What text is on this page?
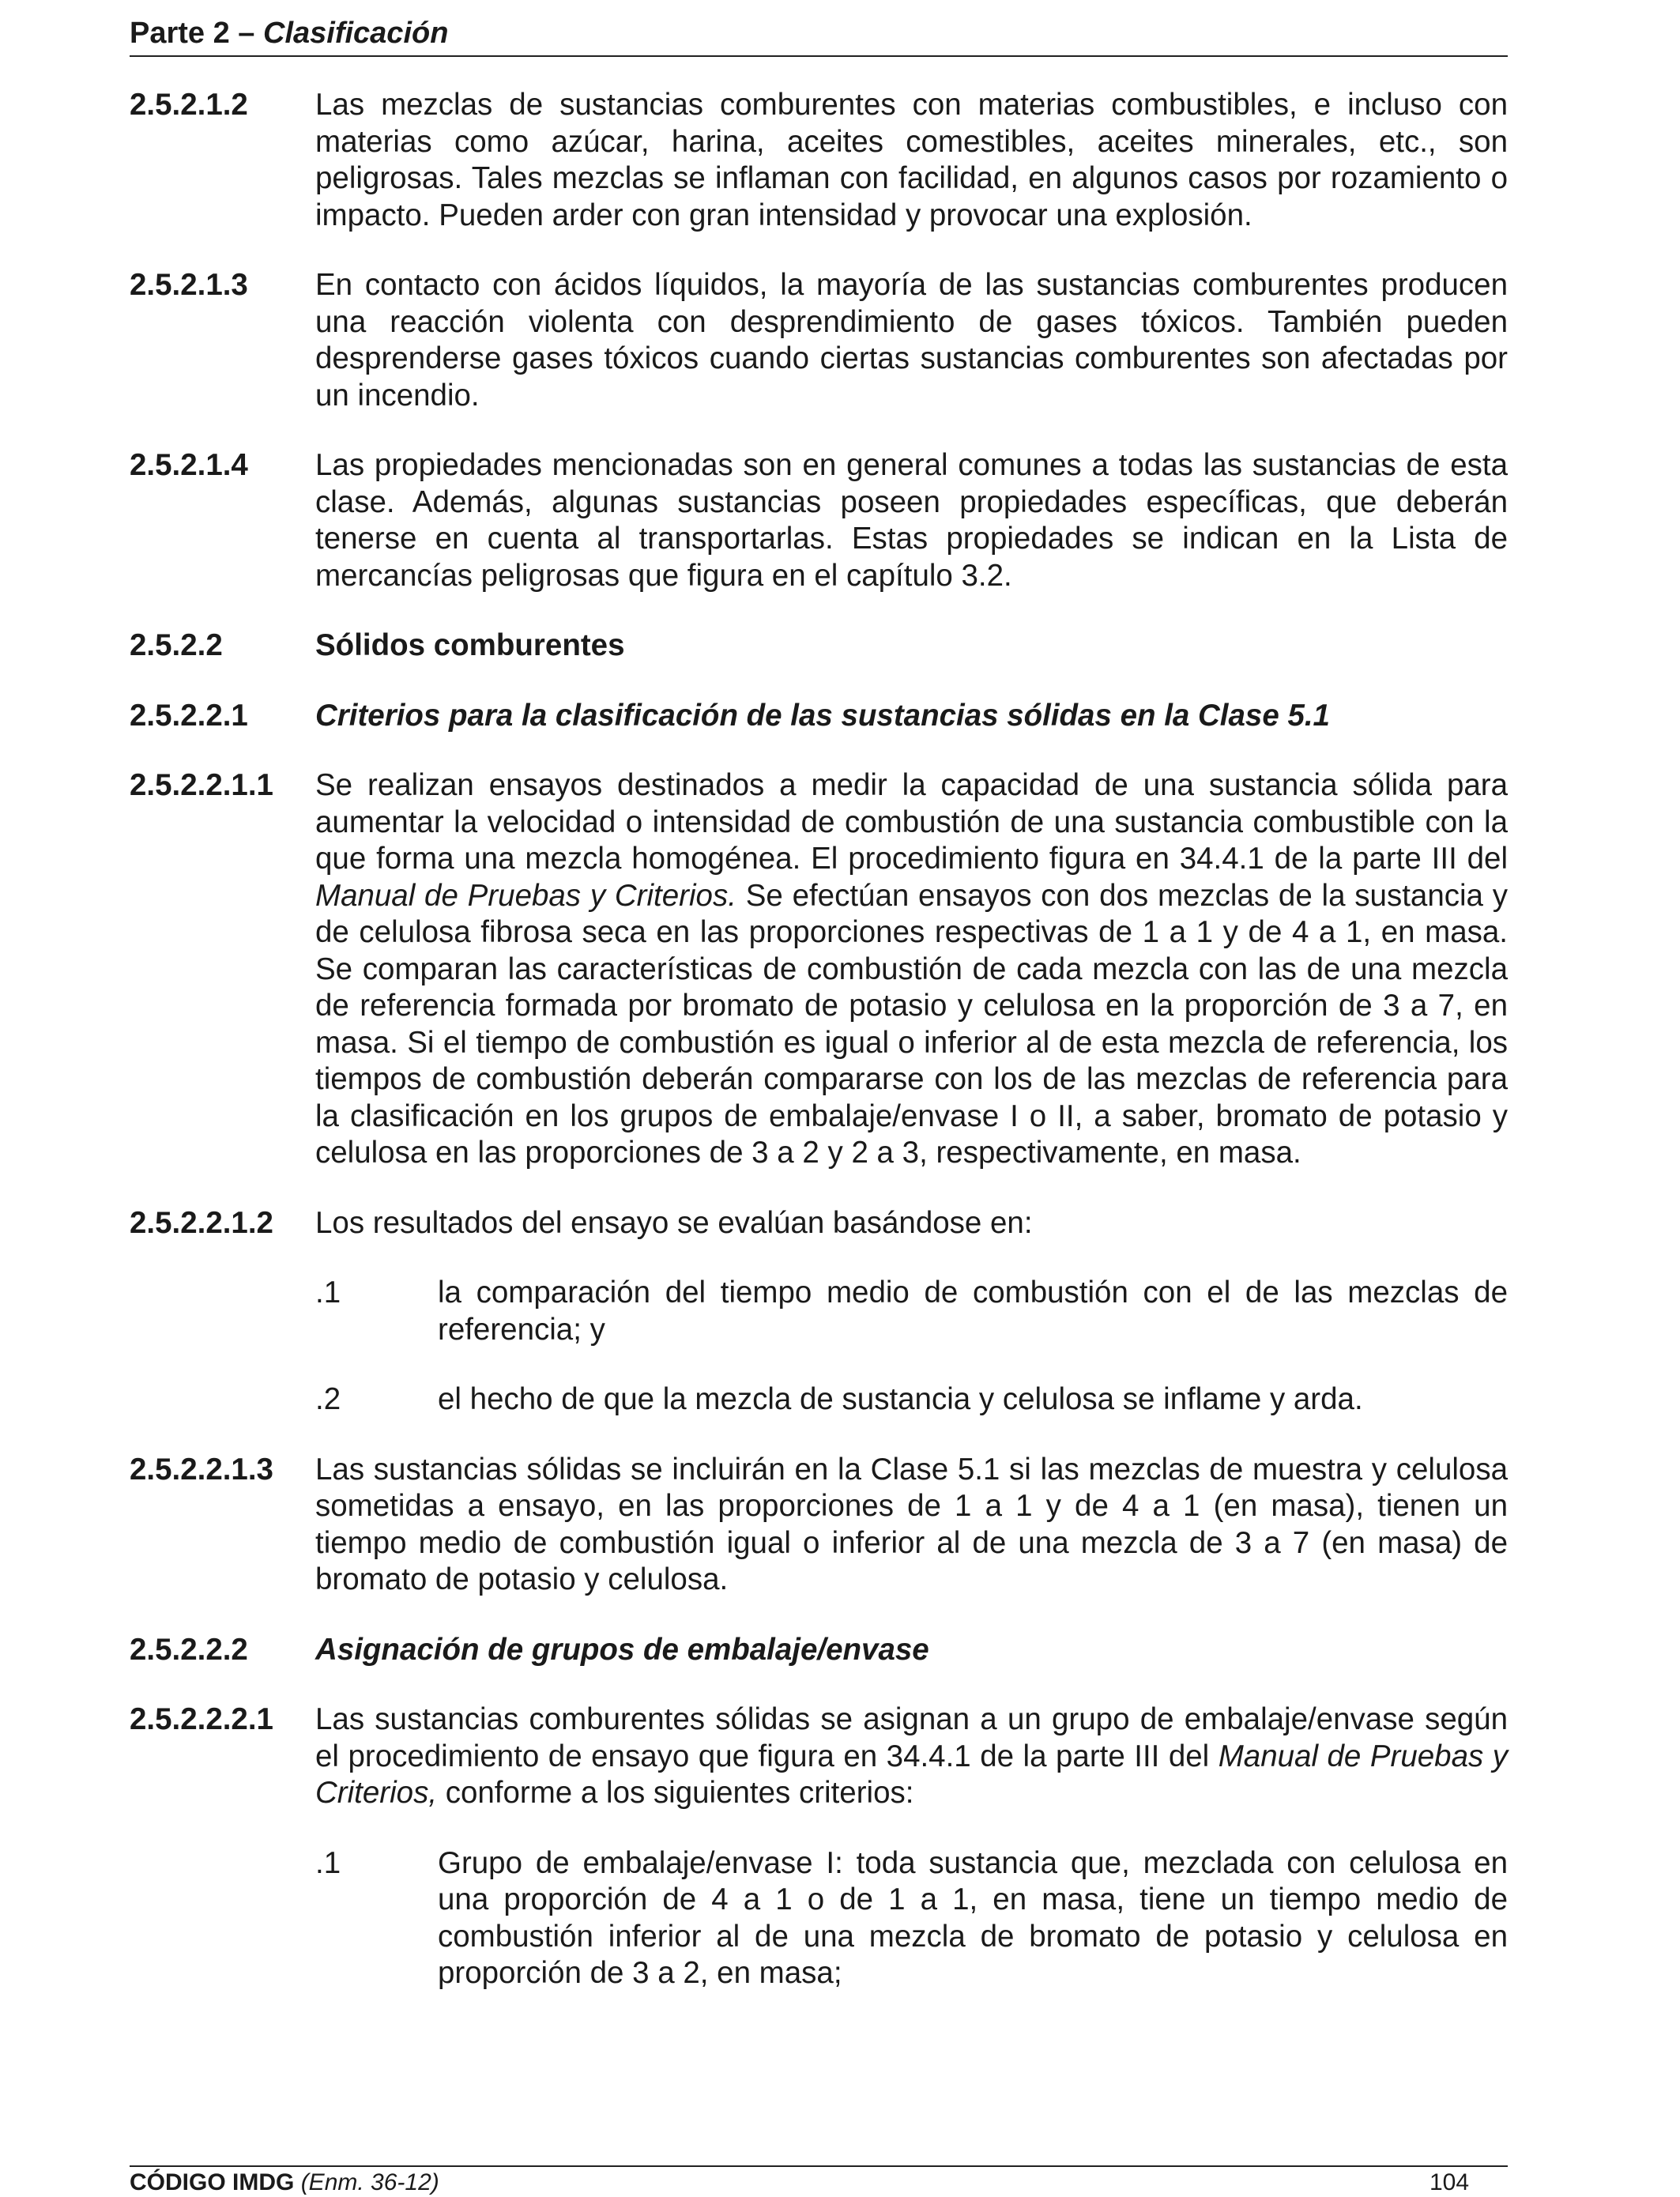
Parte 2 – Clasificación
2.5.2.1.2	Las mezclas de sustancias comburentes con materias combustibles, e incluso con materias como azúcar, harina, aceites comestibles, aceites minerales, etc., son peligrosas. Tales mezclas se inflaman con facilidad, en algunos casos por rozamiento o impacto. Pueden arder con gran intensidad y provocar una explosión.
2.5.2.1.3	En contacto con ácidos líquidos, la mayoría de las sustancias comburentes producen una reacción violenta con desprendimiento de gases tóxicos. También pueden desprenderse gases tóxicos cuando ciertas sustancias comburentes son afectadas por un incendio.
2.5.2.1.4	Las propiedades mencionadas son en general comunes a todas las sustancias de esta clase. Además, algunas sustancias poseen propiedades específicas, que deberán tenerse en cuenta al transportarlas. Estas propiedades se indican en la Lista de mercancías peligrosas que figura en el capítulo 3.2.
2.5.2.2	Sólidos comburentes
2.5.2.2.1	Criterios para la clasificación de las sustancias sólidas en la Clase 5.1
2.5.2.2.1.1	Se realizan ensayos destinados a medir la capacidad de una sustancia sólida para aumentar la velocidad o intensidad de combustión de una sustancia combustible con la que forma una mezcla homogénea. El procedimiento figura en 34.4.1 de la parte III del Manual de Pruebas y Criterios. Se efectúan ensayos con dos mezclas de la sustancia y de celulosa fibrosa seca en las proporciones respectivas de 1 a 1 y de 4 a 1, en masa. Se comparan las características de combustión de cada mezcla con las de una mezcla de referencia formada por bromato de potasio y celulosa en la proporción de 3 a 7, en masa. Si el tiempo de combustión es igual o inferior al de esta mezcla de referencia, los tiempos de combustión deberán compararse con los de las mezclas de referencia para la clasificación en los grupos de embalaje/envase I o II, a saber, bromato de potasio y celulosa en las proporciones de 3 a 2 y 2 a 3, respectivamente, en masa.
2.5.2.2.1.2	Los resultados del ensayo se evalúan basándose en:
.1	la comparación del tiempo medio de combustión con el de las mezclas de referencia; y
.2	el hecho de que la mezcla de sustancia y celulosa se inflame y arda.
2.5.2.2.1.3	Las sustancias sólidas se incluirán en la Clase 5.1 si las mezclas de muestra y celulosa sometidas a ensayo, en las proporciones de 1 a 1 y de 4 a 1 (en masa), tienen un tiempo medio de combustión igual o inferior al de una mezcla de 3 a 7 (en masa) de bromato de potasio y celulosa.
2.5.2.2.2	Asignación de grupos de embalaje/envase
2.5.2.2.2.1	Las sustancias comburentes sólidas se asignan a un grupo de embalaje/envase según el procedimiento de ensayo que figura en 34.4.1 de la parte III del Manual de Pruebas y Criterios, conforme a los siguientes criterios:
.1	Grupo de embalaje/envase I: toda sustancia que, mezclada con celulosa en una proporción de 4 a 1 o de 1 a 1, en masa, tiene un tiempo medio de combustión inferior al de una mezcla de bromato de potasio y celulosa en proporción de 3 a 2, en masa;
CÓDIGO IMDG (Enm. 36-12)	104
